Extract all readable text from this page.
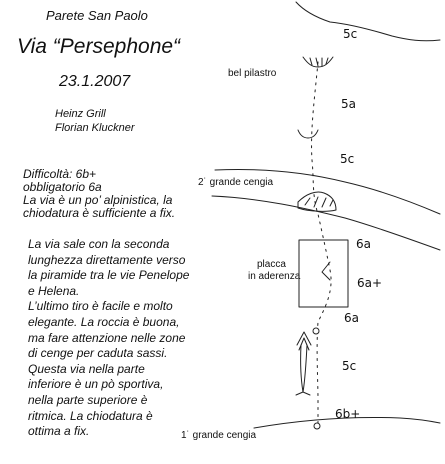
Parete San Paolo
Via “Persephone“
23.1.2007
Heinz Grill
Florian Kluckner
Difficoltà: 6b+
obbligatorio 6a
La via è un po’ alpinistica, la
chiodatura è sufficiente a fix.
La via sale con la seconda
lunghezza direttamente verso
la piramide tra le vie Penelope
e Helena.
L’ultimo tiro è facile e molto
elegante. La roccia è buona,
ma fare attenzione nelle zone
di cenge per caduta sassi.
Questa via nella parte
inferiore è un pò sportiva,
nella parte superiore è
ritmica. La chiodatura è
ottima a fix.
bel pilastro
2˙ grande cengia
placca
in aderenza
1˙ grande cengia
5c
5a
5c
6a
6a+
6a
5c
6b+
